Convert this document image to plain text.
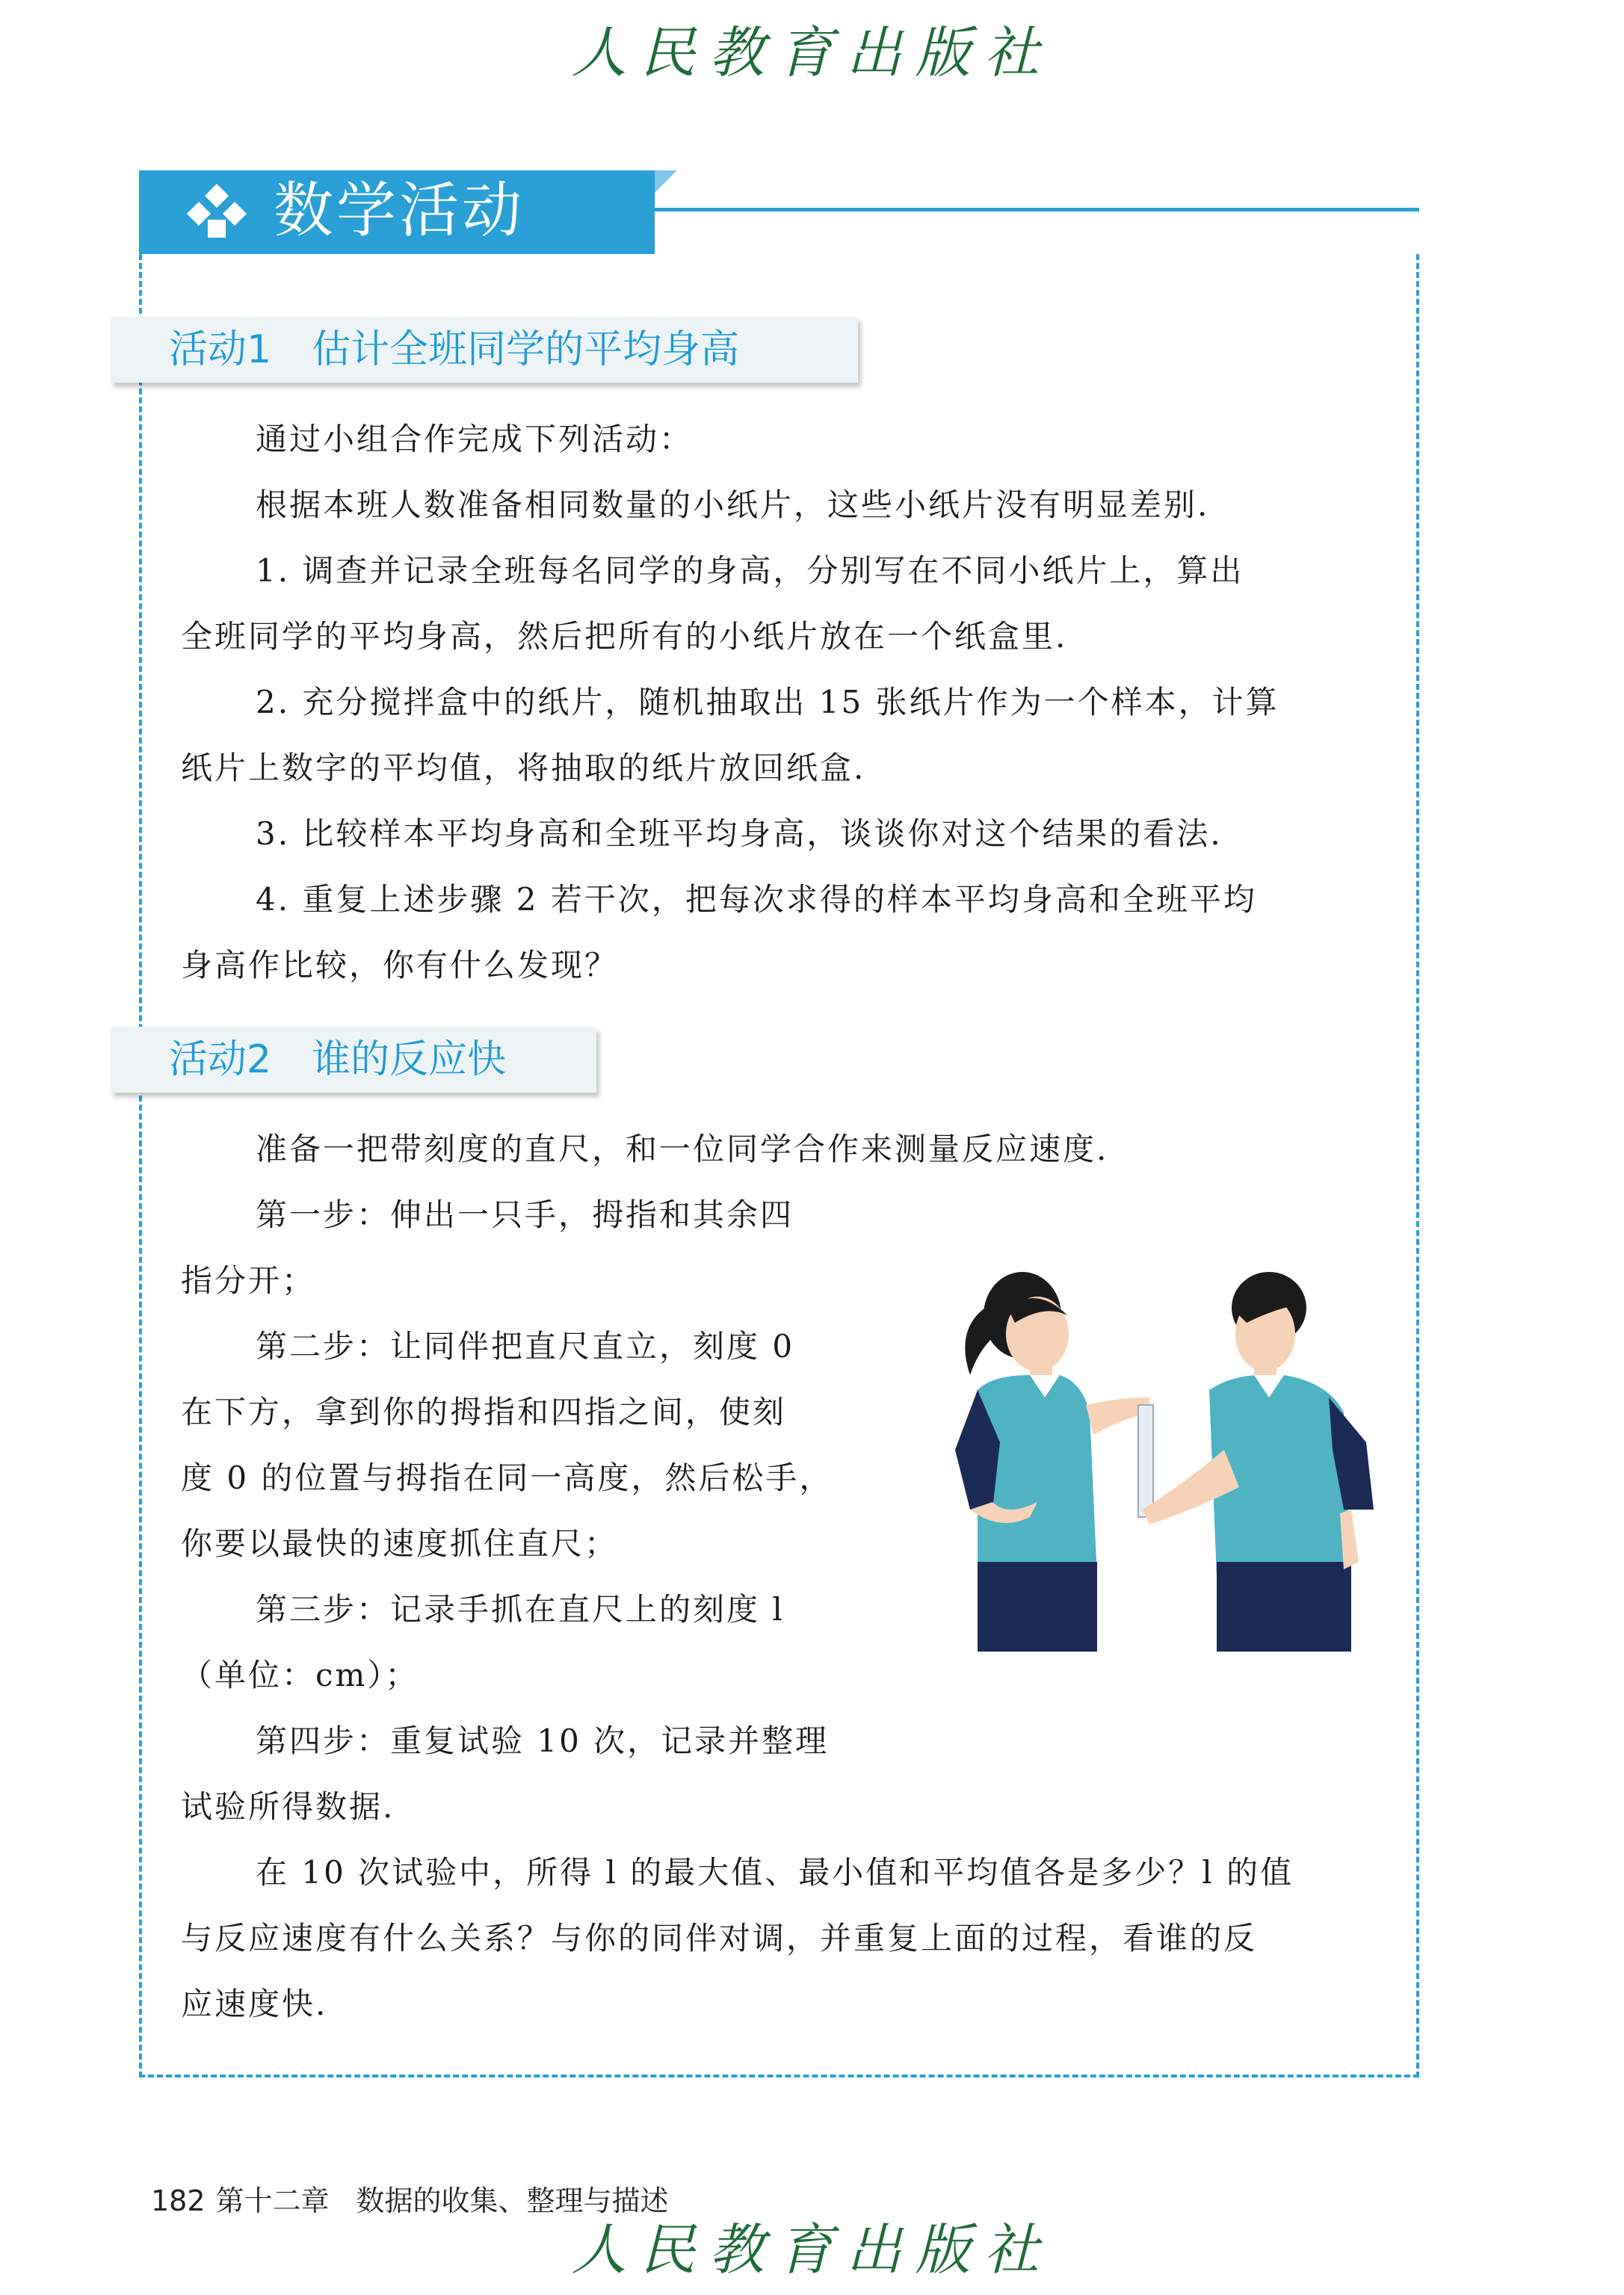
人民教育出版社
数学活动
活动1 估计全班同学的平均身高
通过小组合作完成下列活动：
根据本班人数准备相同数量的小纸片，这些小纸片没有明显差别.
1. 调查并记录全班每名同学的身高，分别写在不同小纸片上，算出
全班同学的平均身高，然后把所有的小纸片放在一个纸盒里.
2. 充分搅拌盒中的纸片，随机抽取出 15 张纸片作为一个样本，计算
纸片上数字的平均值，将抽取的纸片放回纸盒.
3. 比较样本平均身高和全班平均身高，谈谈你对这个结果的看法.
4. 重复上述步骤 2 若干次，把每次求得的样本平均身高和全班平均
身高作比较，你有什么发现？
活动2 谁的反应快
准备一把带刻度的直尺，和一位同学合作来测量反应速度.
第一步：伸出一只手，拇指和其余四
指分开；
第二步：让同伴把直尺直立，刻度 0
在下方，拿到你的拇指和四指之间，使刻
度 0 的位置与拇指在同一高度，然后松手，
你要以最快的速度抓住直尺；
第三步：记录手抓在直尺上的刻度 l
（单位：cm）；
第四步：重复试验 10 次，记录并整理
试验所得数据.
在 10 次试验中，所得 l 的最大值、最小值和平均值各是多少？l 的值
与反应速度有什么关系？与你的同伴对调，并重复上面的过程，看谁的反
应速度快.
182 第十二章 数据的收集、整理与描述
人民教育出版社
